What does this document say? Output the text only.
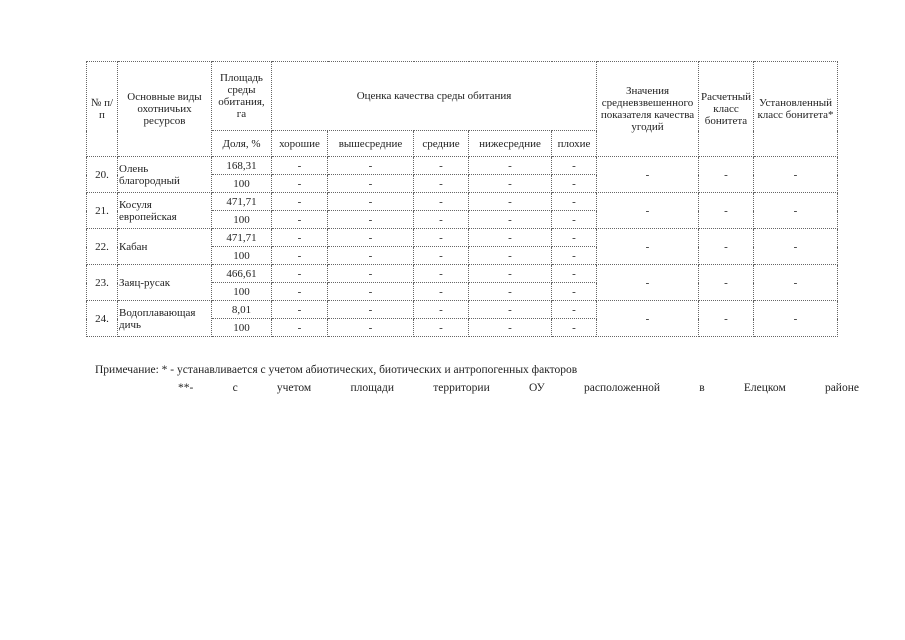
№ п/п	Основные виды охотничьих ресурсов	Площадь среды обитания, га	Оценка качества среды обитания					Значения средневзвешенного показателя качества угодий	Расчетный класс бонитета	Установленный класс бонитета*
		Доля, %	хорошие	вышесредние	средние	нижесредние	плохие			
20.	Олень благородный	168,31	-	-	-	-	-	-	-	-
		100	-	-	-	-	-			
21.	Косуля европейская	471,71	-	-	-	-	-	-	-	-
		100	-	-	-	-	-			
22.	Кабан	471,71	-	-	-	-	-	-	-	-
		100	-	-	-	-	-			
23.	Заяц-русак	466,61	-	-	-	-	-	-	-	-
		100	-	-	-	-	-			
24.	Водоплавающая дичь	8,01	-	-	-	-	-	-	-	-
		100	-	-	-	-	-			
Примечание: * - устанавливается с учетом абиотических, биотических и антропогенных факторов
**-	с	учетом	площади	территории	ОУ	расположенной	в	Елецком	районе
